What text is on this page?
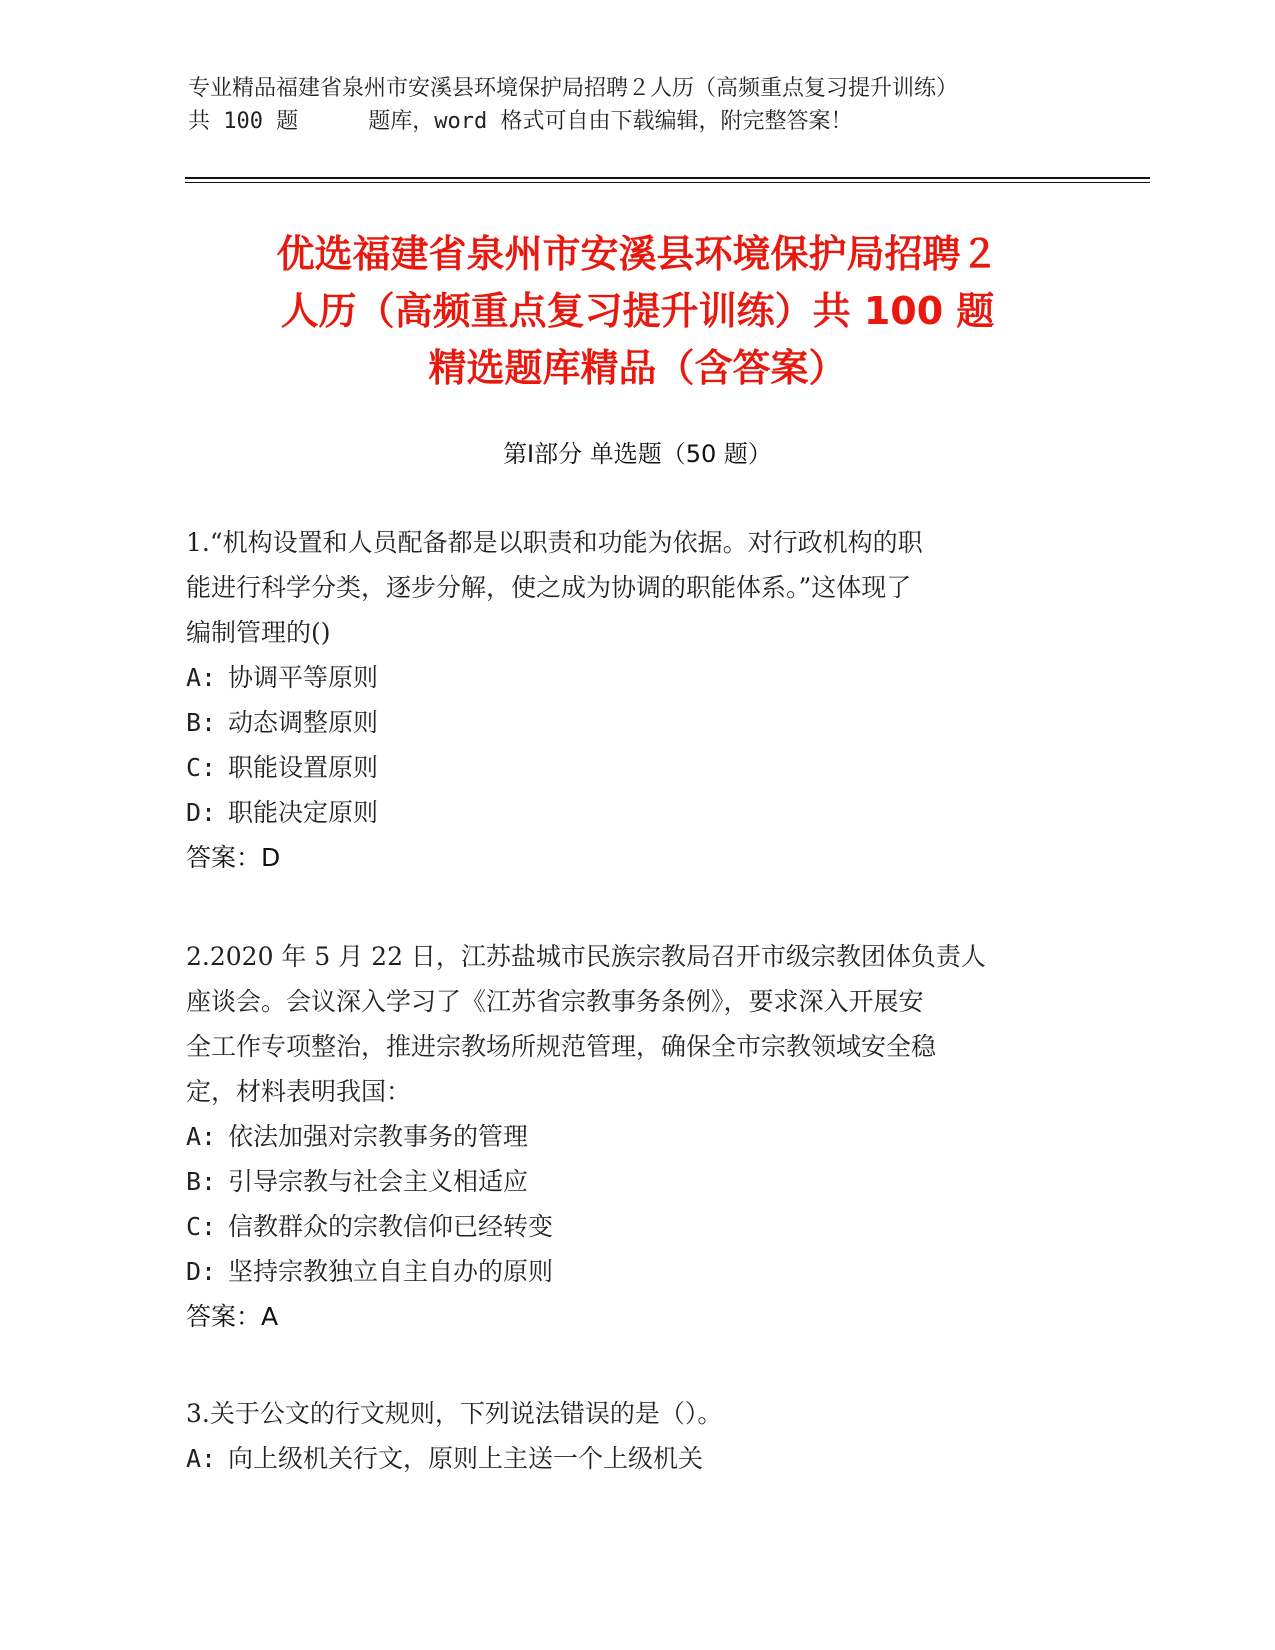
专业精品福建省泉州市安溪县环境保护局招聘２人历（高频重点复习提升训练）
共 100 题	题库，word 格式可自由下载编辑，附完整答案！
优选福建省泉州市安溪县环境保护局招聘２
人历（高频重点复习提升训练）共 100 题
精选题库精品（含答案）
第Ⅰ部分 单选题（50 题）
1.“机构设置和人员配备都是以职责和功能为依据。对行政机构的职
能进行科学分类，逐步分解，使之成为协调的职能体系。”这体现了
编制管理的()
A: 协调平等原则
B: 动态调整原则
C: 职能设置原则
D: 职能决定原则
答案：D
2.2020 年 5 月 22 日，江苏盐城市民族宗教局召开市级宗教团体负责人
座谈会。会议深入学习了《江苏省宗教事务条例》，要求深入开展安
全工作专项整治，推进宗教场所规范管理，确保全市宗教领域安全稳
定，材料表明我国：
A: 依法加强对宗教事务的管理
B: 引导宗教与社会主义相适应
C: 信教群众的宗教信仰已经转变
D: 坚持宗教独立自主自办的原则
答案：A
3.关于公文的行文规则，下列说法错误的是（）。
A: 向上级机关行文，原则上主送一个上级机关
